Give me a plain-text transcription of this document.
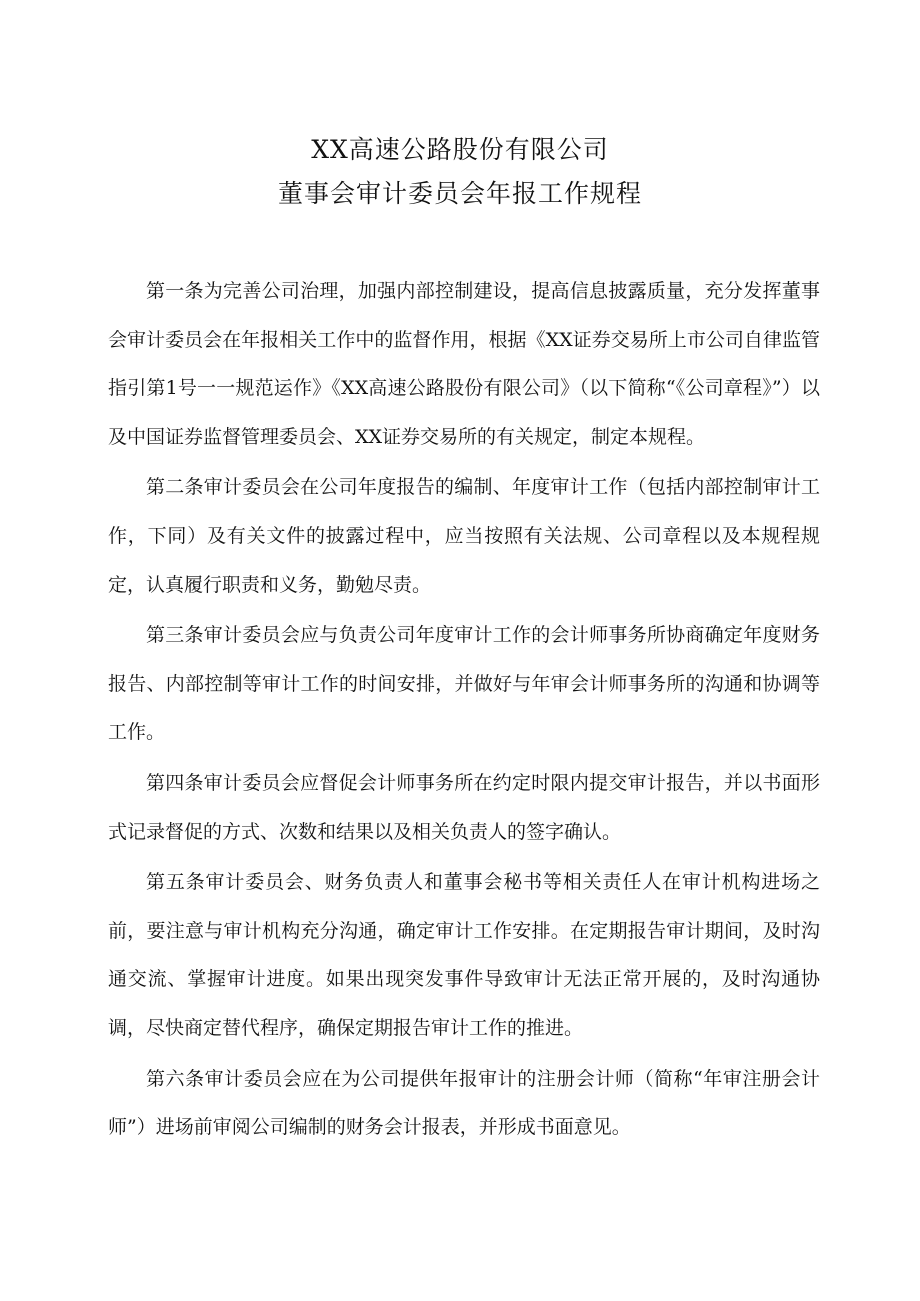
XX高速公路股份有限公司
董事会审计委员会年报工作规程

第一条为完善公司治理，加强内部控制建设，提高信息披露质量，充分发挥董事会审计委员会在年报相关工作中的监督作用，根据《XX证券交易所上市公司自律监管指引第1号一一规范运作》《XX高速公路股份有限公司》（以下简称“《公司章程》”）以及中国证券监督管理委员会、XX证券交易所的有关规定，制定本规程。

第二条审计委员会在公司年度报告的编制、年度审计工作（包括内部控制审计工作，下同）及有关文件的披露过程中，应当按照有关法规、公司章程以及本规程规定，认真履行职责和义务，勤勉尽责。

第三条审计委员会应与负责公司年度审计工作的会计师事务所协商确定年度财务报告、内部控制等审计工作的时间安排，并做好与年审会计师事务所的沟通和协调等工作。

第四条审计委员会应督促会计师事务所在约定时限内提交审计报告，并以书面形式记录督促的方式、次数和结果以及相关负责人的签字确认。

第五条审计委员会、财务负责人和董事会秘书等相关责任人在审计机构进场之前，要注意与审计机构充分沟通，确定审计工作安排。在定期报告审计期间，及时沟通交流、掌握审计进度。如果出现突发事件导致审计无法正常开展的，及时沟通协调，尽快商定替代程序，确保定期报告审计工作的推进。

第六条审计委员会应在为公司提供年报审计的注册会计师（简称“年审注册会计师”）进场前审阅公司编制的财务会计报表，并形成书面意见。
